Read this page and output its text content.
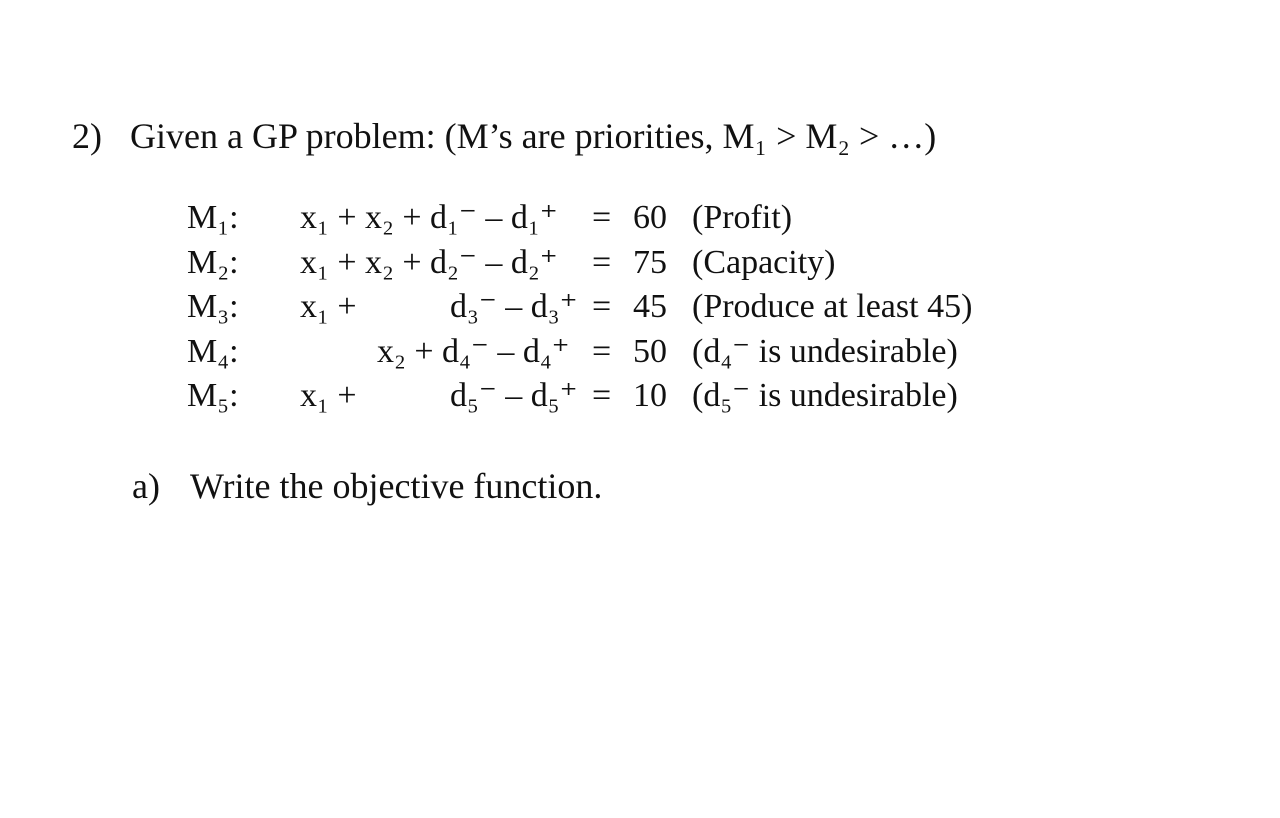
2) Given a GP problem: (M’s are priorities, M₁ > M₂ > …)
M₁: x₁ + x₂ + d₁⁻ – d₁⁺ = 60 (Profit)
M₂: x₁ + x₂ + d₂⁻ – d₂⁺ = 75 (Capacity)
M₃: x₁ +	d₃⁻ – d₃⁺ = 45 (Produce at least 45)
M₄:	x₂ + d₄⁻ – d₄⁺ = 50 (d₄⁻ is undesirable)
M₅: x₁ +	d₅⁻ – d₅⁺ = 10 (d₅⁻ is undesirable)
a) Write the objective function.
